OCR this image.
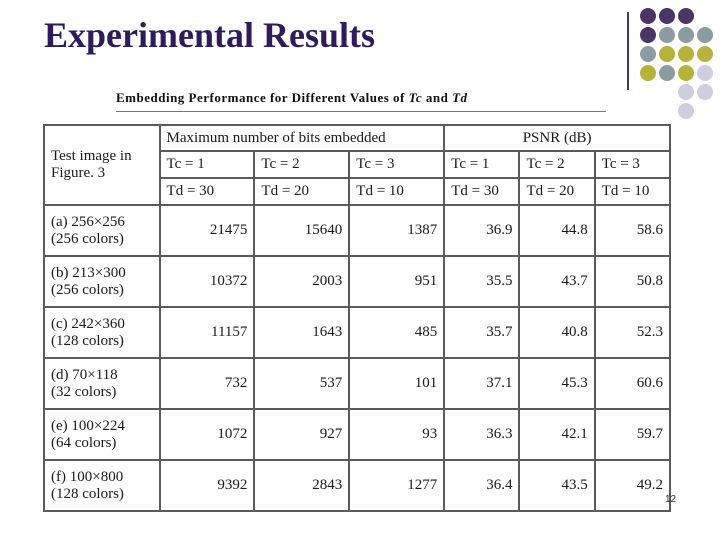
Experimental Results
Embedding Performance for Different Values of Tc and Td
Test image in
Figure. 3	Maximum number of bits embedded			PSNR (dB)		
	Tc = 1	Tc = 2	Tc = 3	Tc = 1	Tc = 2	Tc = 3
	Td = 30	Td = 20	Td = 10	Td = 30	Td = 20	Td = 10

(a) 256×256
(256 colors)	21475	15640	1387	36.9	44.8	58.6

(b) 213×300
(256 colors)	10372	2003	951	35.5	43.7	50.8

(c) 242×360
(128 colors)	11157	1643	485	35.7	40.8	52.3

(d) 70×118
(32 colors)	732	537	101	37.1	45.3	60.6

(e) 100×224
(64 colors)	1072	927	93	36.3	42.1	59.7

(f) 100×800
(128 colors)	9392	2843	1277	36.4	43.5	49.2
12
